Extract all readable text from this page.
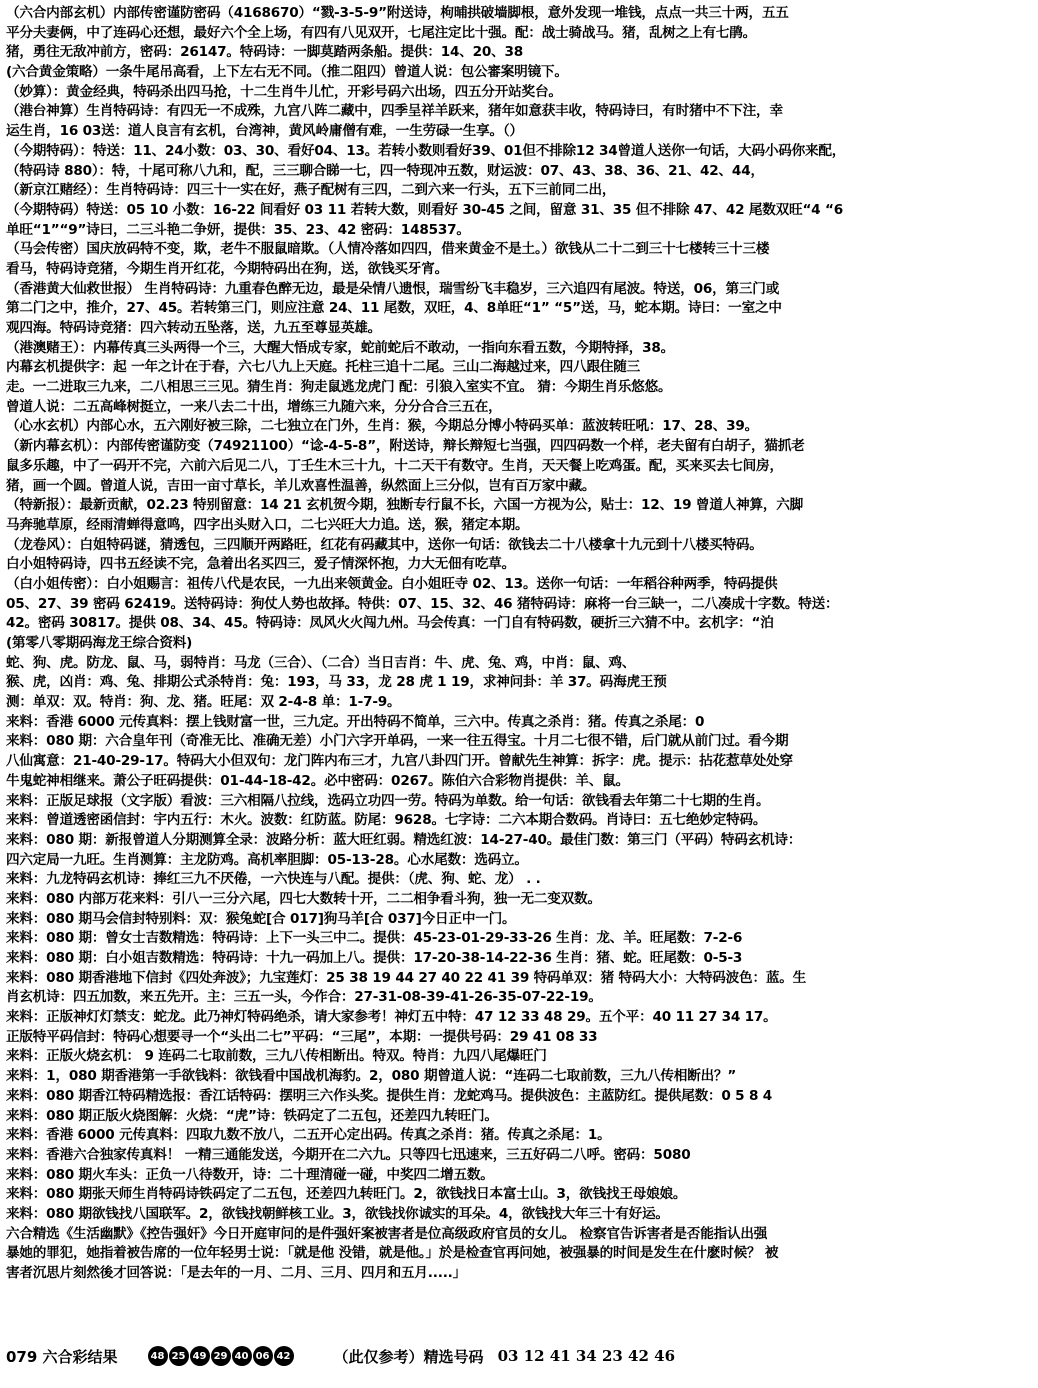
（六合内部玄机）内部传密谨防密码（4168670）“戮-3-5-9”附送诗，枸晡拱破墙脚根，意外发现一堆钱，点点一共三十两，五五
平分夫妻俩，中了连码心还想，最好六个全上场，有四有八见双开，七尾注定比十强。配：战士骑战马。猪，乱树之上有七鹃。
猪，勇往无敌冲前方，密码：26147。特码诗：一脚莫踏两条船。提供：14、20、38
(六合黄金策略）一条牛尾吊高看，上下左右无不同。（推二阻四）曾道人说：包公審案明镜下。
（妙算）：黄金经典，特码杀出四马抢，十二生肖牛儿忙，开彩号码六出场，四五分开站奖台。
（港台神算）生肖特码诗：有四无一不成殊，九宫八阵二藏中，四季呈祥羊跃来，猪年如意获丰收，特码诗曰，有时猪中不下注，幸
运生肖，16 03送：道人良言有玄机，台湾神，黄风岭庸僧有难，一生劳碌一生享。（）
（今期特码）：特送：11、24小数：03、30、看好04、13。若转小数则看好39、01但不排除12 34曾道人送你一句话，大码小码你来配，
（特码诗 880）：特，十尾可称八九和，配，三三聊合睇一七，四一特现冲五数，财运波：07、43、38、36、21、42、44，
（新京江赌经）：生肖特码诗：四三十一实在好，燕子配树有三四，二到六来一行头，五下三前同二出，
（今期特码）特送：05 10 小数：16-22 间看好 03 11 若转大数，则看好 30-45 之间，留意 31、35 但不排除 47、42 尾数双旺“4 “6
单旺“1”“9”诗曰，二三斗艳二争妍，提供：35、23、42 密码：148537。
（马会传密）国庆放码特不变，欺，老牛不服鼠暗欺。（人情冷落如四四，借来黄金不是土。）欲钱从二十二到三十七楼转三十三楼
看马，特码诗竞猪，今期生肖开红花，今期特码出在狗，送，欲钱买牙宵。
（香港黄大仙救世报） 生肖特码诗：九重春色醉无边，最是朵情八遗恨，瑞雪纷飞丰稳岁，三六追四有尾波。特送，06，第三门或
第二门之中，推介，27、45。若转第三门，则应注意 24、11 尾数，双旺，4、8单旺“1” “5”送，马，蛇本期。诗曰：一室之中
观四海。特码诗竞猪：四六转动五坠落，送，九五至尊显英雄。
（港澳赌王）：内幕传真三头两得一个三，大醒大悟成专家，蛇前蛇后不敢动，一指向东看五数，今期特择，38。
内幕玄机提供字：起 一年之计在于春，六七八九上天庭。托柱三追十二尾。三山二海越过来，四八跟住随三
走。一二进取三九来，二八相思三三见。猜生肖：狗走鼠逃龙虎门 配：引狼入室实不宜。 猜：今期生肖乐悠悠。
曾道人说：二五高峰树挺立，一来八去二十出，增练三九随六来，分分合合三五在，
（心水玄机）内部心水，五六刚好被三除，二七独立在门外，生肖：猴，今期总分博小特码买单：蓝波转旺吼：17、28、39。
（新内幕玄机）：内部传密谨防变（74921100）“谂-4-5-8”，附送诗，辩长辩短七当强，四四码数一个样，老夫留有白胡子，猫抓老
鼠多乐趣，中了一码开不完，六前六后见二八，丁壬生木三十九，十二天干有数守。生肖，天天餐上吃鸡蛋。配，买来买去七间房，
猪，画一个圆。曾道人说，吉田一亩寸草长，羊儿欢喜性温善，纵然面上三分似，岂有百万家中藏。
（特新报）：最新贡献，02.23 特别留意：14 21 玄机贺今期，独断专行鼠不长，六国一方视为公，贴士：12、19 曾道人神算，六脚
马奔驰草原，经雨清蝉得意鸣，四字出头财入口，二七兴旺大力追。送，猴，猪定本期。
（龙卷风）：白姐特码谜，猜透包，三四顺开两路旺，红花有码藏其中，送你一句话：欲钱去二十八楼拿十九元到十八楼买特码。
白小姐特码诗，四书五经读不完，急着出名买四三，爱子情深怀抱，力大无佃有吃草。
（白小姐传密）：白小姐赐言：祖传八代是农民，一九出来领黄金。白小姐旺寺 02、13。送你一句话：一年稻谷种两季，特码提供
05、27、39 密码 62419。送特码诗：狗仗人势也故择。特供：07、15、32、46 猪特码诗：麻将一台三缺一，二八凑成十字数。特送：
42。密码 30817。提供 08、34、45。特码诗：凤风火火闯九州。马会传真：一门自有特码数，硬折三六猜不中。玄机字：“泊
(第零八零期码海龙王综合资料)
蛇、狗、虎。防龙、鼠、马，弱特肖：马龙（三合）、（二合）当日吉肖：牛、虎、兔、鸡，中肖：鼠、鸡、
猴、虎，凶肖：鸡、兔、排期公式杀特肖：兔：193，马 33，龙 28 虎 1 19，求神问卦：羊 37。码海虎王预
测：单双：双。特肖：狗、龙、猪。旺尾：双 2-4-8 单：1-7-9。
来料：香港 6000 元传真料：摆上钱财富一世，三九定。开出特码不简单，三六中。传真之杀肖：猪。传真之杀尾：0
来料：080 期：六合皇年刊（奇准无比、准确无差）小门六字开单码，一来一往五得宝。十月二七很不错，后门就从前门过。看今期
八仙寓意：21-40-29-17。特码大小但双句：龙门阵内布三才，九宫八卦四门开。曾献先生神算：拆字：虎。提示：拈花惹草处处穿
牛鬼蛇神相继来。萧公子旺码提供：01-44-18-42。必中密码：0267。陈伯六合彩物肖提供：羊、鼠。
来料：正版足球报（文字版）看波：三六相隔八拉线，选码立功四一劳。特码为单数。给一句话：欲钱看去年第二十七期的生肖。
来料：曾道透密函信封：宇内五行：木火。波数：红防蓝。防尾：9628。七字诗：二六本期合数码。肖诗曰：五七绝妙定特码。
来料：080 期：新报曾道人分期测算全录：波路分析：蓝大旺红弱。精选红波：14-27-40。最佳门数：第三门（平码）特码玄机诗：
四六定局一九旺。生肖测算：主龙防鸡。高机率胆脚：05-13-28。心水尾数：选码立。
来料：九龙特码玄机诗：捧红三九不厌倦，一六快连与八配。提供：（虎、狗、蛇、龙） . .
来料：080 内部万花来料：引八一三分六尾，四七大数转十开，二二相争看斗狗，独一无二变双数。
来料：080 期马会信封特别料：双：猴兔蛇[合 017]狗马羊[合 037]今日正中一门。
来料：080 期：曾女士吉数精选：特码诗：上下一头三中二。提供：45-23-01-29-33-26 生肖：龙、羊。旺尾数：7-2-6
来料：080 期：白小姐吉数精选：特码诗：十九一码加上八。提供：17-20-38-14-22-36 生肖：猪、蛇。旺尾数：0-5-3
来料：080 期香港地下信封《四处奔波》；九宝莲灯：25 38 19 44 27 40 22 41 39 特码单双：猪 特码大小：大特码波色：蓝。生
肖玄机诗：四五加数，来五先开。主：三五一头，今作合：27-31-08-39-41-26-35-07-22-19。
来料：正版神灯灯禁支：蛇龙。此乃神灯特码绝杀，请大家参考！神灯五中特：47 12 33 48 29。五个平：40 11 27 34 17。
正版特平码信封：特码心想要寻一个“头出二七”平码：“三尾”，本期：一提供号码：29 41 08 33
来料：正版火烧玄机： 9 连码二七取前数，三九八传相断出。特双。特肖：九四八尾爆旺门
来料：1，080 期香港第一手欲钱料：欲钱看中国战机海豹。2，080 期曾道人说：“连码二七取前数，三九八传相断出？”
来料：080 期香江特码精选报：香江话特码：摆明三六作头奖。提供生肖：龙蛇鸡马。提供波色：主蓝防红。提供尾数：0 5 8 4
来料：080 期正版火烧图解：火烧：“虎”诗：铁码定了二五包，还差四九转旺门。
来料：香港 6000 元传真料：四取九数不放八，二五开心定出码。传真之杀肖：猪。传真之杀尾：1。
来料：香港六合独家传真料！ 一精三通能发送，今期开在二六九。只等四七迅速来，三五好码二八呼。密码：5080
来料：080 期火车头：正负一八待数开，诗：二十理清碰一碰，中奖四二增五数。
来料：080 期张天师生肖特码诗铁码定了二五包，还差四九转旺门。2，欲钱找日本富士山。3，欲钱找王母娘娘。
来料：080 期欲钱找八国联军。2，欲钱找朝鲜核工业。3，欲钱找你诚实的耳朵。4，欲钱找大年三十有好运。
六合精选《生活幽默》《控告强奸》今日开庭审问的是件强奸案被害者是位高级政府官员的女儿。 检察官告诉害者是否能指认出强
暴她的罪犯，她指着被告席的一位年轻男士说：「就是他 没错，就是他。」於是检查官再问她，被强暴的时间是发生在什麽时候？ 被
害者沉思片刻然後才回答说：「是去年的一月、二月、三月、四月和五月.....」
079 六合彩结果	48 25 49 29 40 06 42	（此仅参考）精选号码 03 12 41 34 23 42 46
